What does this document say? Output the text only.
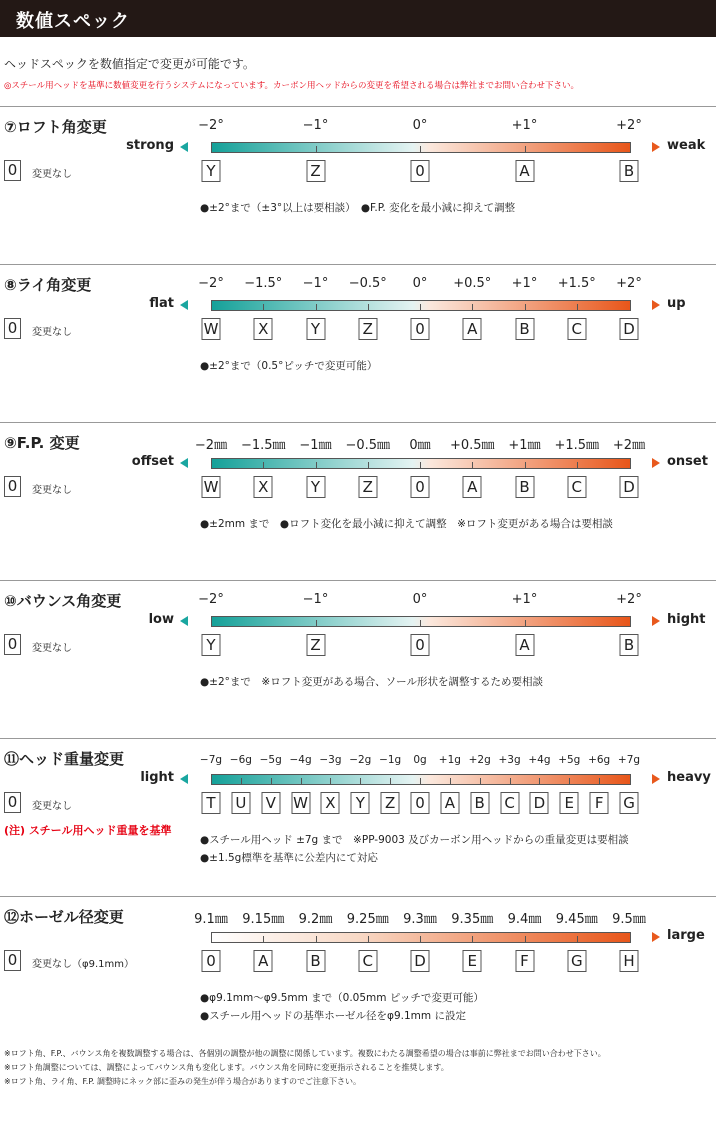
数値スペック
ヘッドスペックを数値指定で変更が可能です。
◎スチール用ヘッドを基準に数値変更を行うシステムになっています。カーボン用ヘッドからの変更を希望される場合は弊社までお問い合わせ下さい。
⑦ロフト角変更	−2°	−1°	0°	+1°	+2°
Y	Z	0	A	B
strong	weak
0	変更なし
●±2°まで（±3°以上は要相談）　●F.P. 変化を最小減に抑えて調整
⑧ライ角変更	−2° −1.5° −1° −0.5° 0° +0.5° +1° +1.5° +2°
W	X	Y	Z	0	A	B	C	D
flat	up
0	変更なし
●±2°まで（0.5°ピッチで変更可能）
⑨F.P. 変更	−2㎜ −1.5㎜ −1㎜ −0.5㎜ 0㎜ +0.5㎜ +1㎜ +1.5㎜ +2㎜
W	X	Y	Z	0	A	B	C	D
offset	onset
0	変更なし
●±2mm まで　●ロフト変化を最小減に抑えて調整　※ロフト変更がある場合は要相談
⑩バウンス角変更	−2°	−1°	0°	+1°	+2°
Y	Z	0	A	B
low	hight
0	変更なし
●±2°まで　※ロフト変更がある場合、ソール形状を調整するため要相談
⑪ヘッド重量変更	−7g −6g −5g −4g −3g −2g −1g 0g +1g +2g +3g +4g +5g +6g +7g
T	U V W X	Y	Z	0	A B C D	E	F	G
light	heavy
0	変更なし
(注) スチール用ヘッド重量を基準
●スチール用ヘッド ±7g まで　※PP-9003 及びカーボン用ヘッドからの重量変更は要相談
●±1.5g標準を基準に公差内にて対応
⑫ホーゼル径変更	9.1㎜ 9.15㎜ 9.2㎜ 9.25㎜ 9.3㎜ 9.35㎜ 9.4㎜ 9.45㎜ 9.5㎜
0	A	B	C	D	E	F	G	H
large
0	変更なし（φ9.1mm）
●φ9.1mm〜φ9.5mm まで（0.05mm ピッチで変更可能）
●スチール用ヘッドの基準ホーゼル径をφ9.1mm に設定
※ロフト角、F.P.、バウンス角を複数調整する場合は、各個別の調整が他の調整に関係しています。複数にわたる調整希望の場合は事前に弊社までお問い合わせ下さい。
※ロフト角調整については、調整によってバウンス角も変化します。バウンス角を同時に変更指示されることを推奨します。
※ロフト角、ライ角、F.P. 調整時にネック部に歪みの発生が伴う場合がありますのでご注意下さい。
